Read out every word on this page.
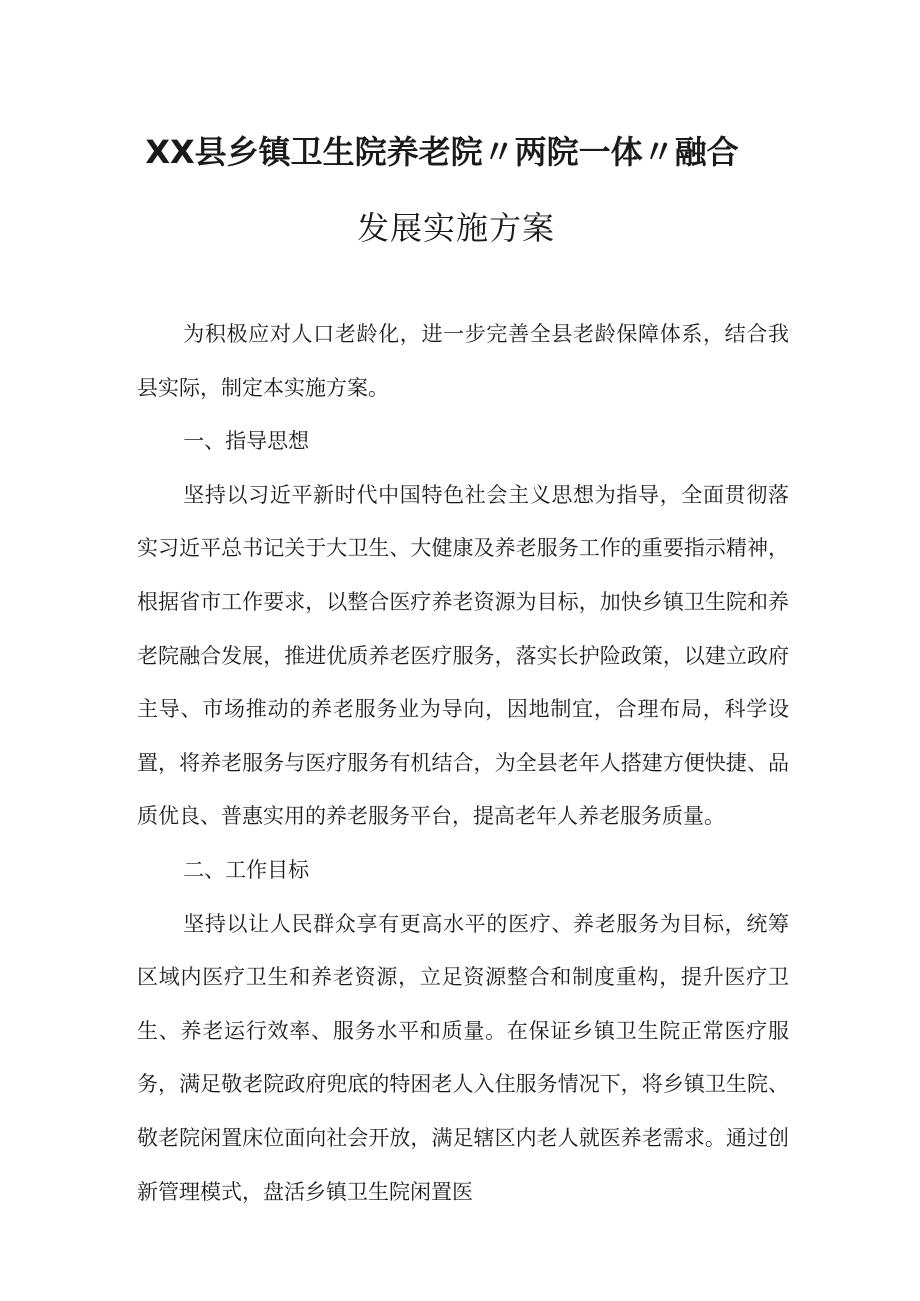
XX县乡镇卫生院养老院〃两院一体〃融合
发展实施方案

为积极应对人口老龄化，进一步完善全县老龄保障体系，结合我县实际，制定本实施方案。

一、指导思想

坚持以习近平新时代中国特色社会主义思想为指导，全面贯彻落实习近平总书记关于大卫生、大健康及养老服务工作的重要指示精神，根据省市工作要求，以整合医疗养老资源为目标，加快乡镇卫生院和养老院融合发展，推进优质养老医疗服务，落实长护险政策，以建立政府主导、市场推动的养老服务业为导向，因地制宜，合理布局，科学设置，将养老服务与医疗服务有机结合，为全县老年人搭建方便快捷、品质优良、普惠实用的养老服务平台，提高老年人养老服务质量。

二、工作目标

坚持以让人民群众享有更高水平的医疗、养老服务为目标，统筹区域内医疗卫生和养老资源，立足资源整合和制度重构，提升医疗卫生、养老运行效率、服务水平和质量。在保证乡镇卫生院正常医疗服务，满足敬老院政府兜底的特困老人入住服务情况下，将乡镇卫生院、敬老院闲置床位面向社会开放，满足辖区内老人就医养老需求。通过创新管理模式，盘活乡镇卫生院闲置医
